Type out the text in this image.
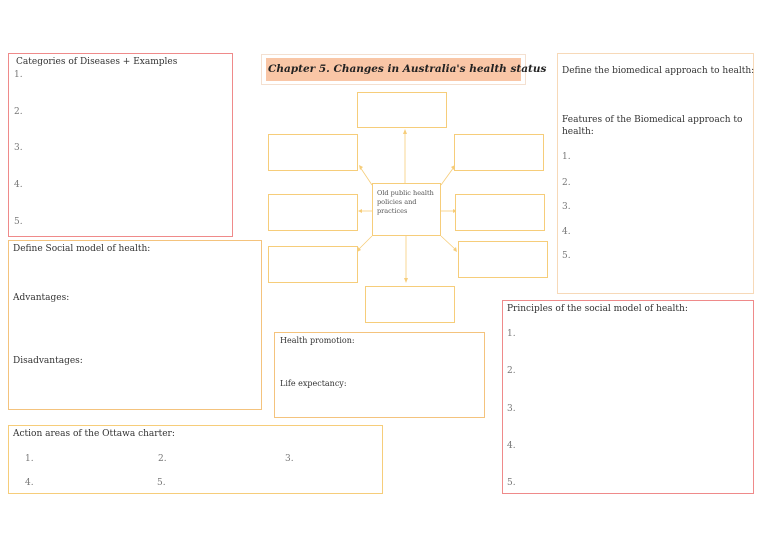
Categories of Diseases + Examples
1.
2.
3.
4.
5.
Define Social model of health:
Advantages:
Disadvantages:
Action areas of the Ottawa charter:
1.	2.	3.
4.	5.
Chapter 5. Changes in Australia's health status
Old public health policies and practices
Health promotion:
Life expectancy:
Define the biomedical approach to health:
Features of the Biomedical approach to health:
1.
2.
3.
4.
5.
Principles of the social model of health:
1.
2.
3.
4.
5.
